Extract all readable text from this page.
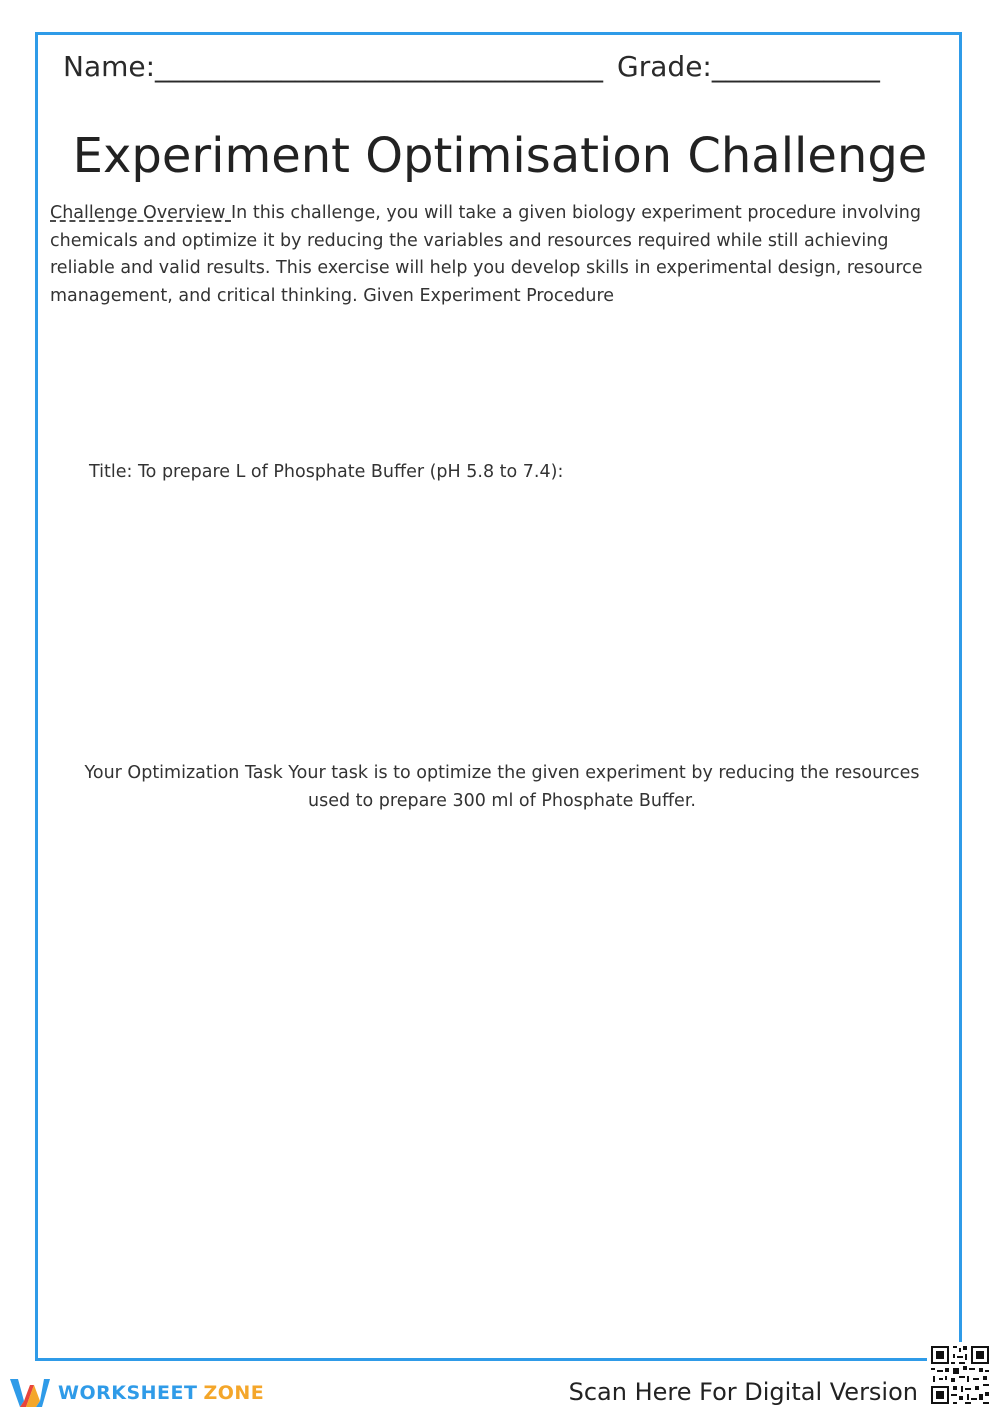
Name:________________________________ Grade:____________
Experiment Optimisation Challenge
Challenge Overview In this challenge, you will take a given biology experiment procedure involving chemicals and optimize it by reducing the variables and resources required while still achieving reliable and valid results. This exercise will help you develop skills in experimental design, resource management, and critical thinking. Given Experiment Procedure
Title: To prepare L of Phosphate Buffer (pH 5.8 to 7.4):
Your Optimization Task Your task is to optimize the given experiment by reducing the resources used to prepare 300 ml of Phosphate Buffer.
WORKSHEET ZONE	Scan Here For Digital Version
